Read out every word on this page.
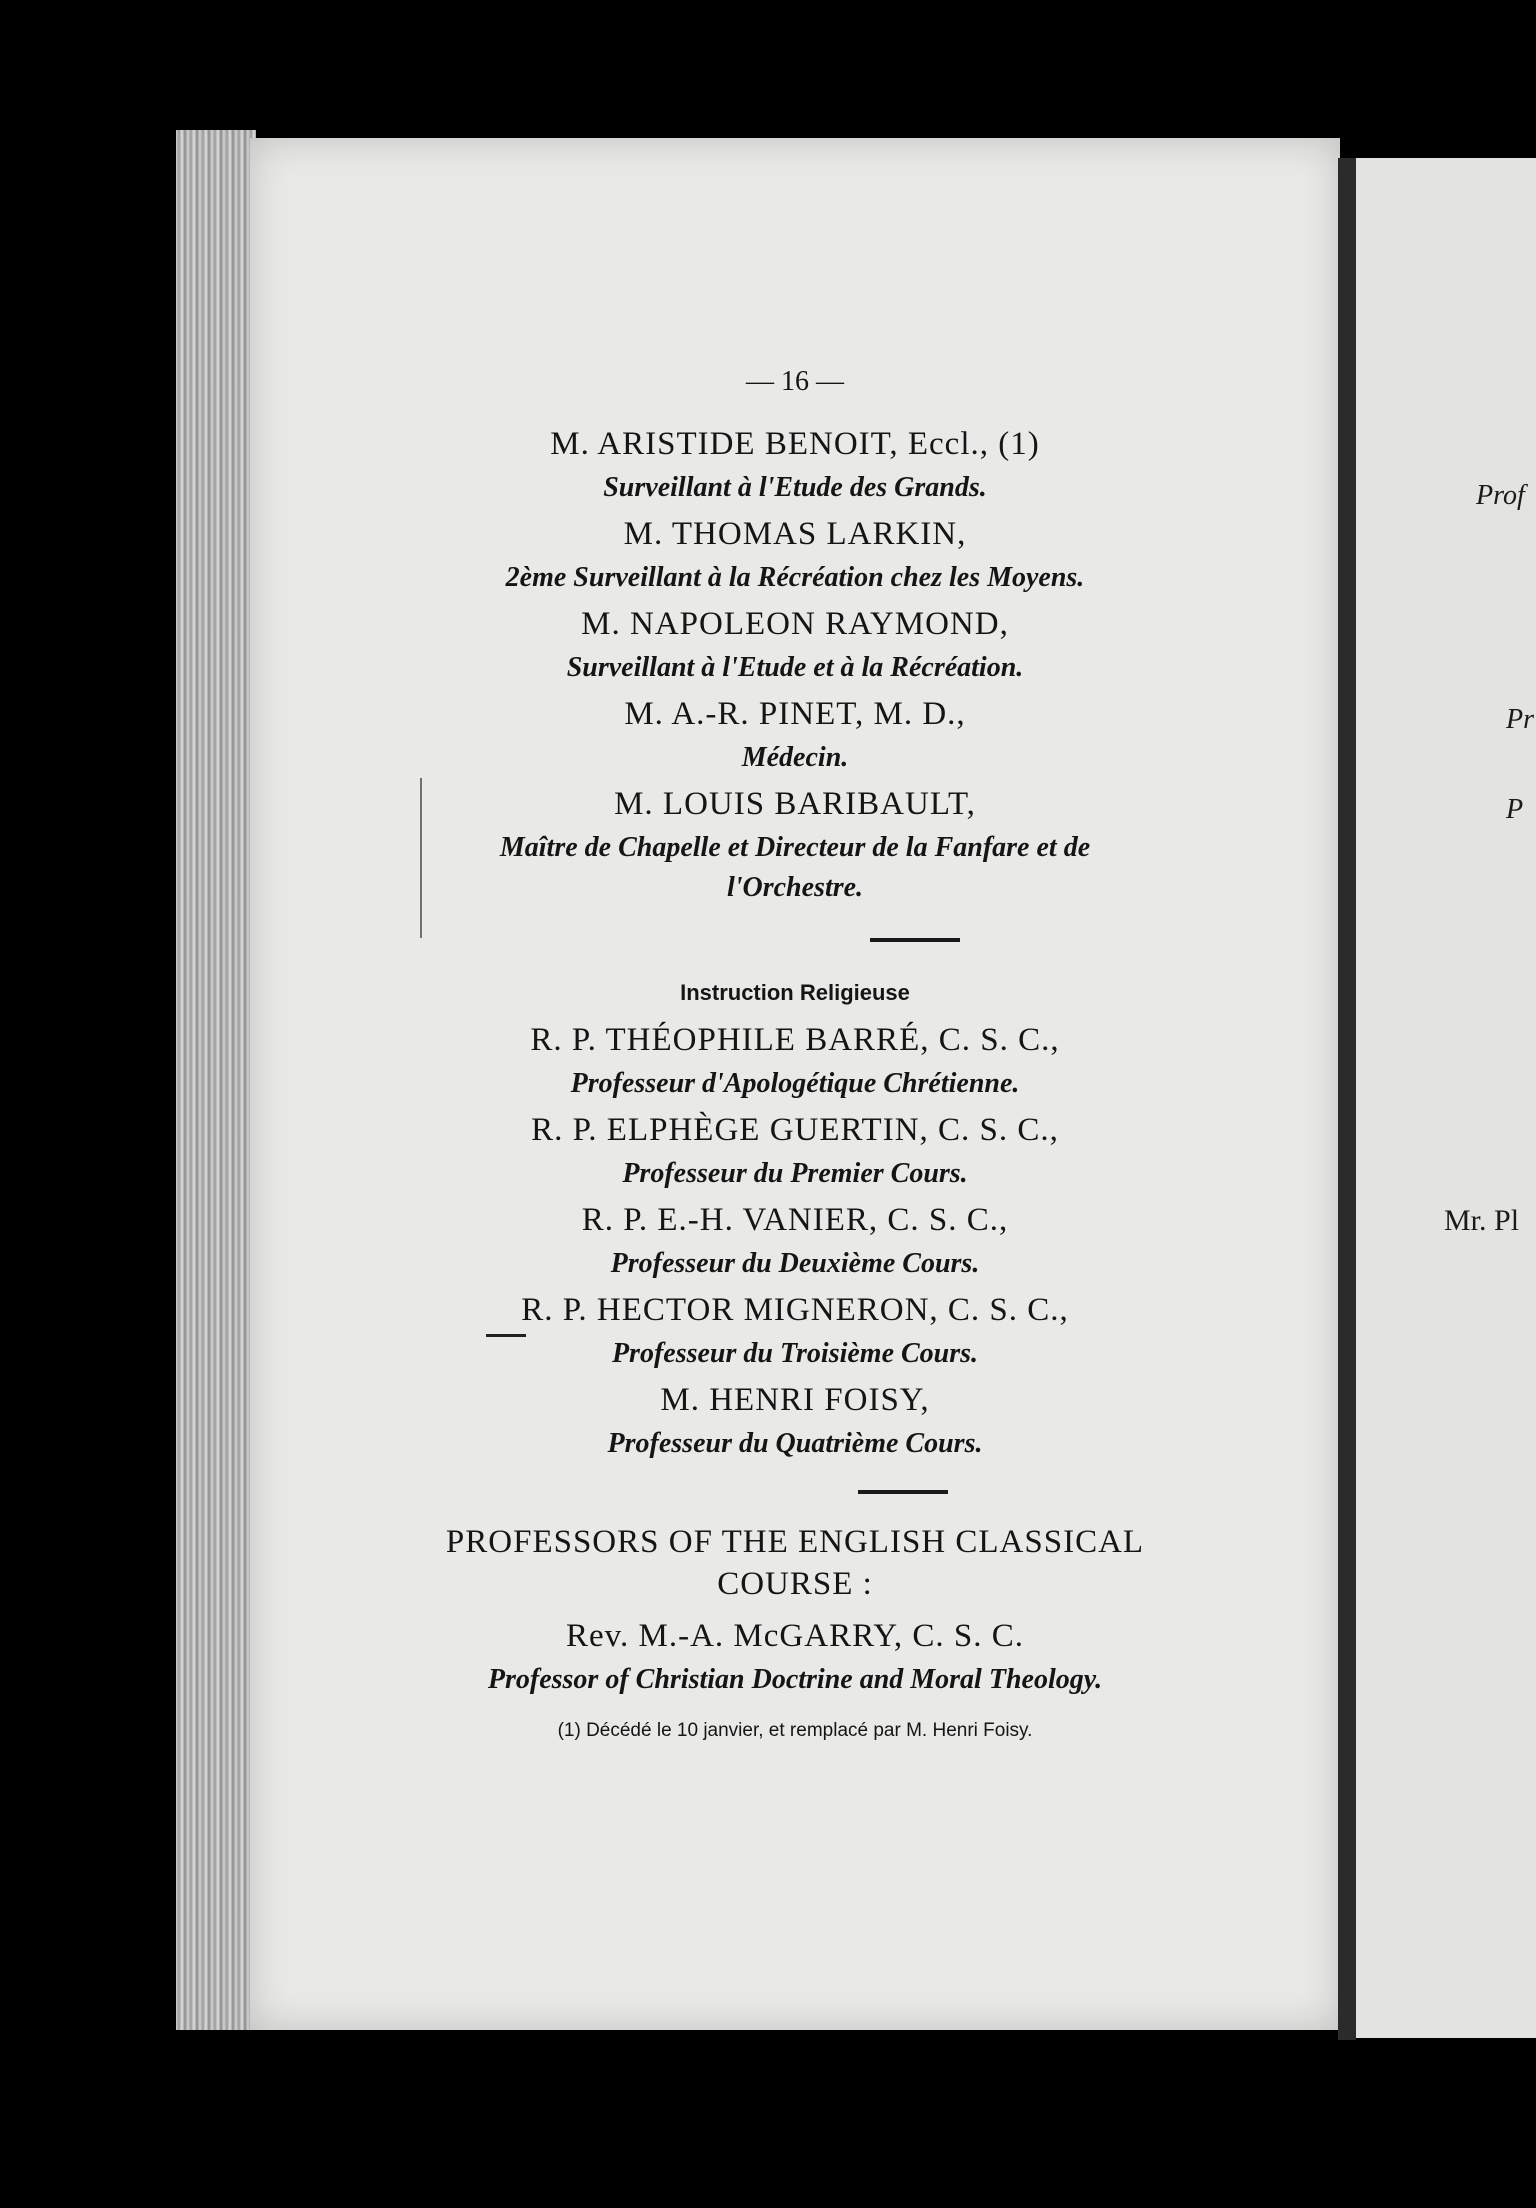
— 16 —
M. ARISTIDE BENOIT, Eccl., (1)
Surveillant à l'Etude des Grands.
M. THOMAS LARKIN,
2ème Surveillant à la Récréation chez les Moyens.
M. NAPOLEON RAYMOND,
Surveillant à l'Etude et à la Récréation.
M. A.-R. PINET, M. D.,
Médecin.
M. LOUIS BARIBAULT,
Maître de Chapelle et Directeur de la Fanfare et de
l'Orchestre.
Instruction Religieuse
R. P. THÉOPHILE BARRÉ, C. S. C.,
Professeur d'Apologétique Chrétienne.
R. P. ELPHÈGE GUERTIN, C. S. C.,
Professeur du Premier Cours.
R. P. E.-H. VANIER, C. S. C.,
Professeur du Deuxième Cours.
R. P. HECTOR MIGNERON, C. S. C.,
Professeur du Troisième Cours.
M. HENRI FOISY,
Professeur du Quatrième Cours.
PROFESSORS OF THE ENGLISH CLASSICAL
COURSE :
Rev. M.-A. McGARRY, C. S. C.
Professor of Christian Doctrine and Moral Theology.
(1) Décédé le 10 janvier, et remplacé par M. Henri Foisy.
Prof
Pr
P
Mr. Pl
